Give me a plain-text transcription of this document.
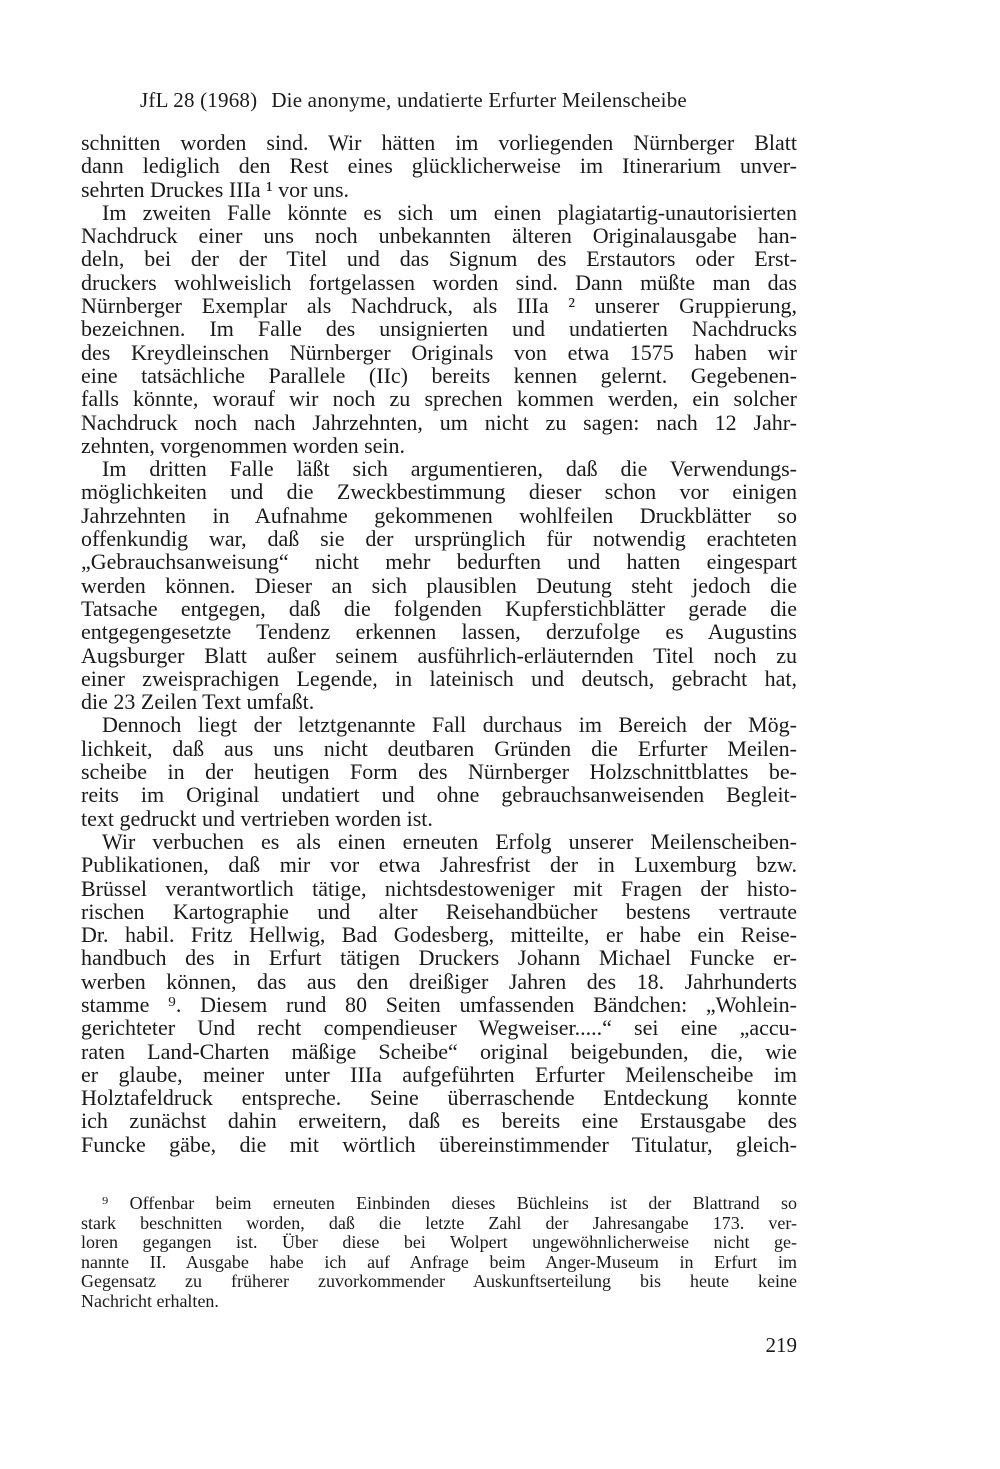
JfL 28 (1968) Die anonyme, undatierte Erfurter Meilenscheibe
schnitten worden sind. Wir hätten im vorliegenden Nürnberger Blatt
dann lediglich den Rest eines glücklicherweise im Itinerarium unver-
sehrten Druckes IIIa ¹ vor uns.
Im zweiten Falle könnte es sich um einen plagiatartig-unautorisierten
Nachdruck einer uns noch unbekannten älteren Originalausgabe han-
deln, bei der der Titel und das Signum des Erstautors oder Erst-
druckers wohlweislich fortgelassen worden sind. Dann müßte man das
Nürnberger Exemplar als Nachdruck, als IIIa ² unserer Gruppierung,
bezeichnen. Im Falle des unsignierten und undatierten Nachdrucks
des Kreydleinschen Nürnberger Originals von etwa 1575 haben wir
eine tatsächliche Parallele (IIc) bereits kennen gelernt. Gegebenen-
falls könnte, worauf wir noch zu sprechen kommen werden, ein solcher
Nachdruck noch nach Jahrzehnten, um nicht zu sagen: nach 12 Jahr-
zehnten, vorgenommen worden sein.
Im dritten Falle läßt sich argumentieren, daß die Verwendungs-
möglichkeiten und die Zweckbestimmung dieser schon vor einigen
Jahrzehnten in Aufnahme gekommenen wohlfeilen Druckblätter so
offenkundig war, daß sie der ursprünglich für notwendig erachteten
„Gebrauchsanweisung“ nicht mehr bedurften und hatten eingespart
werden können. Dieser an sich plausiblen Deutung steht jedoch die
Tatsache entgegen, daß die folgenden Kupferstichblätter gerade die
entgegengesetzte Tendenz erkennen lassen, derzufolge es Augustins
Augsburger Blatt außer seinem ausführlich-erläuternden Titel noch zu
einer zweisprachigen Legende, in lateinisch und deutsch, gebracht hat,
die 23 Zeilen Text umfaßt.
Dennoch liegt der letztgenannte Fall durchaus im Bereich der Mög-
lichkeit, daß aus uns nicht deutbaren Gründen die Erfurter Meilen-
scheibe in der heutigen Form des Nürnberger Holzschnittblattes be-
reits im Original undatiert und ohne gebrauchsanweisenden Begleit-
text gedruckt und vertrieben worden ist.
Wir verbuchen es als einen erneuten Erfolg unserer Meilenscheiben-
Publikationen, daß mir vor etwa Jahresfrist der in Luxemburg bzw.
Brüssel verantwortlich tätige, nichtsdestoweniger mit Fragen der histo-
rischen Kartographie und alter Reisehandbücher bestens vertraute
Dr. habil. Fritz Hellwig, Bad Godesberg, mitteilte, er habe ein Reise-
handbuch des in Erfurt tätigen Druckers Johann Michael Funcke er-
werben können, das aus den dreißiger Jahren des 18. Jahrhunderts
stamme ⁹. Diesem rund 80 Seiten umfassenden Bändchen: „Wohlein-
gerichteter Und recht compendieuser Wegweiser.....“ sei eine „accu-
raten Land-Charten mäßige Scheibe“ original beigebunden, die, wie
er glaube, meiner unter IIIa aufgeführten Erfurter Meilenscheibe im
Holztafeldruck entspreche. Seine überraschende Entdeckung konnte
ich zunächst dahin erweitern, daß es bereits eine Erstausgabe des
Funcke gäbe, die mit wörtlich übereinstimmender Titulatur, gleich-
⁹ Offenbar beim erneuten Einbinden dieses Büchleins ist der Blattrand so
stark beschnitten worden, daß die letzte Zahl der Jahresangabe 173. ver-
loren gegangen ist. Über diese bei Wolpert ungewöhnlicherweise nicht ge-
nannte II. Ausgabe habe ich auf Anfrage beim Anger-Museum in Erfurt im
Gegensatz zu früherer zuvorkommender Auskunftserteilung bis heute keine
Nachricht erhalten.
219
